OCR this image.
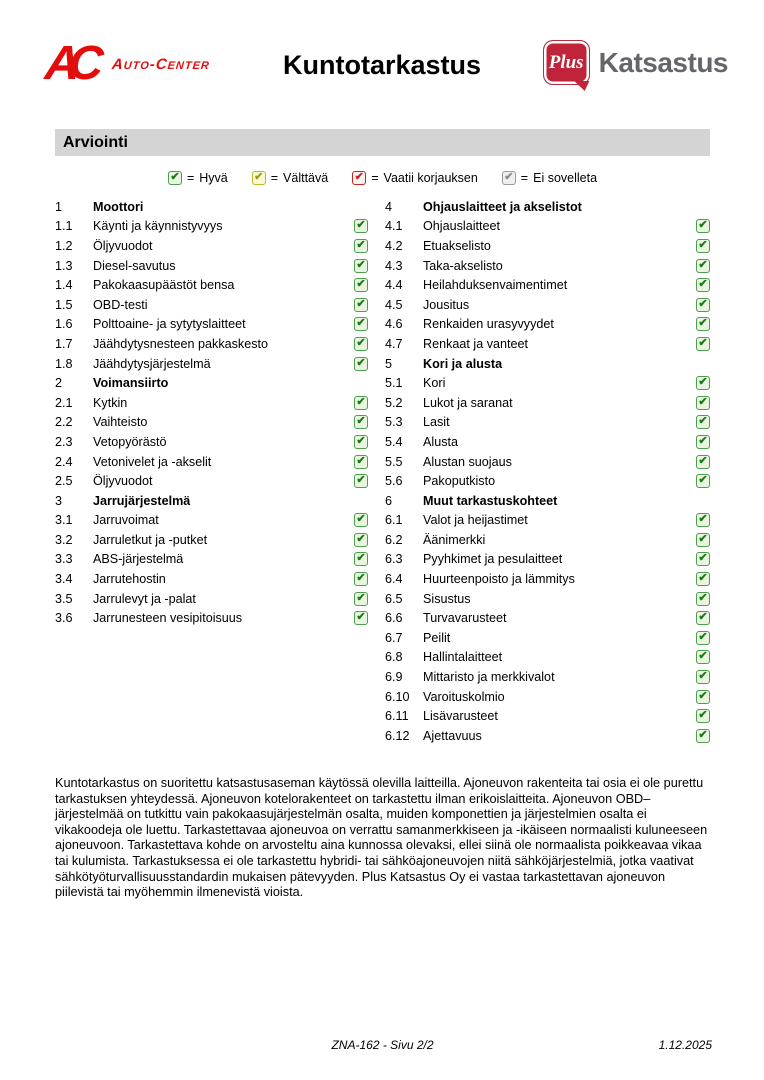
AC	Auto-Center	Kuntotarkastus	Plus Katsastus
Arviointi
✔ = Hyvä ✔ = Välttävä ✔ = Vaatii korjauksen ✔ = Ei sovelleta
1	Moottori
1.1	Käynti ja käynnistyvyys	✔
1.2	Öljyvuodot	✔
1.3	Diesel-savutus	✔
1.4	Pakokaasupäästöt bensa	✔
1.5	OBD-testi	✔
1.6	Polttoaine- ja sytytyslaitteet	✔
1.7	Jäähdytysnesteen pakkaskesto	✔
1.8	Jäähdytysjärjestelmä	✔
2	Voimansiirto
2.1	Kytkin	✔
2.2	Vaihteisto	✔
2.3	Vetopyörästö	✔
2.4	Vetonivelet ja -akselit	✔
2.5	Öljyvuodot	✔
3	Jarrujärjestelmä
3.1	Jarruvoimat	✔
3.2	Jarruletkut ja -putket	✔
3.3	ABS-järjestelmä	✔
3.4	Jarrutehostin	✔
3.5	Jarrulevyt ja -palat	✔
3.6	Jarrunesteen vesipitoisuus	✔
4	Ohjauslaitteet ja akselistot
4.1	Ohjauslaitteet	✔
4.2	Etuakselisto	✔
4.3	Taka-akselisto	✔
4.4	Heilahduksenvaimentimet	✔
4.5	Jousitus	✔
4.6	Renkaiden urasyvyydet	✔
4.7	Renkaat ja vanteet	✔
5	Kori ja alusta
5.1	Kori	✔
5.2	Lukot ja saranat	✔
5.3	Lasit	✔
5.4	Alusta	✔
5.5	Alustan suojaus	✔
5.6	Pakoputkisto	✔
6	Muut tarkastuskohteet
6.1	Valot ja heijastimet	✔
6.2	Äänimerkki	✔
6.3	Pyyhkimet ja pesulaitteet	✔
6.4	Huurteenpoisto ja lämmitys	✔
6.5	Sisustus	✔
6.6	Turvavarusteet	✔
6.7	Peilit	✔
6.8	Hallintalaitteet	✔
6.9	Mittaristo ja merkkivalot	✔
6.10	Varoituskolmio	✔
6.11	Lisävarusteet	✔
6.12	Ajettavuus	✔
Kuntotarkastus on suoritettu katsastusaseman käytössä olevilla laitteilla. Ajoneuvon rakenteita tai osia ei ole purettu tarkastuksen yhteydessä. Ajoneuvon kotelorakenteet on tarkastettu ilman erikoislaitteita. Ajoneuvon OBD–järjestelmää on tutkittu vain pakokaasujärjestelmän osalta, muiden komponettien ja järjestelmien osalta ei vikakoodeja ole luettu. Tarkastettavaa ajoneuvoa on verrattu samanmerkkiseen ja -ikäiseen normaalisti kuluneeseen ajoneuvoon. Tarkastettava kohde on arvosteltu aina kunnossa olevaksi, ellei siinä ole normaalista poikkeavaa vikaa tai kulumista. Tarkastuksessa ei ole tarkastettu hybridi- tai sähköajoneuvojen niitä sähköjärjestelmiä, jotka vaativat sähkötyöturvallisuusstandardin mukaisen pätevyyden. Plus Katsastus Oy ei vastaa tarkastettavan ajoneuvon piilevistä tai myöhemmin ilmenevistä vioista.
ZNA-162 - Sivu 2/2	1.12.2025
